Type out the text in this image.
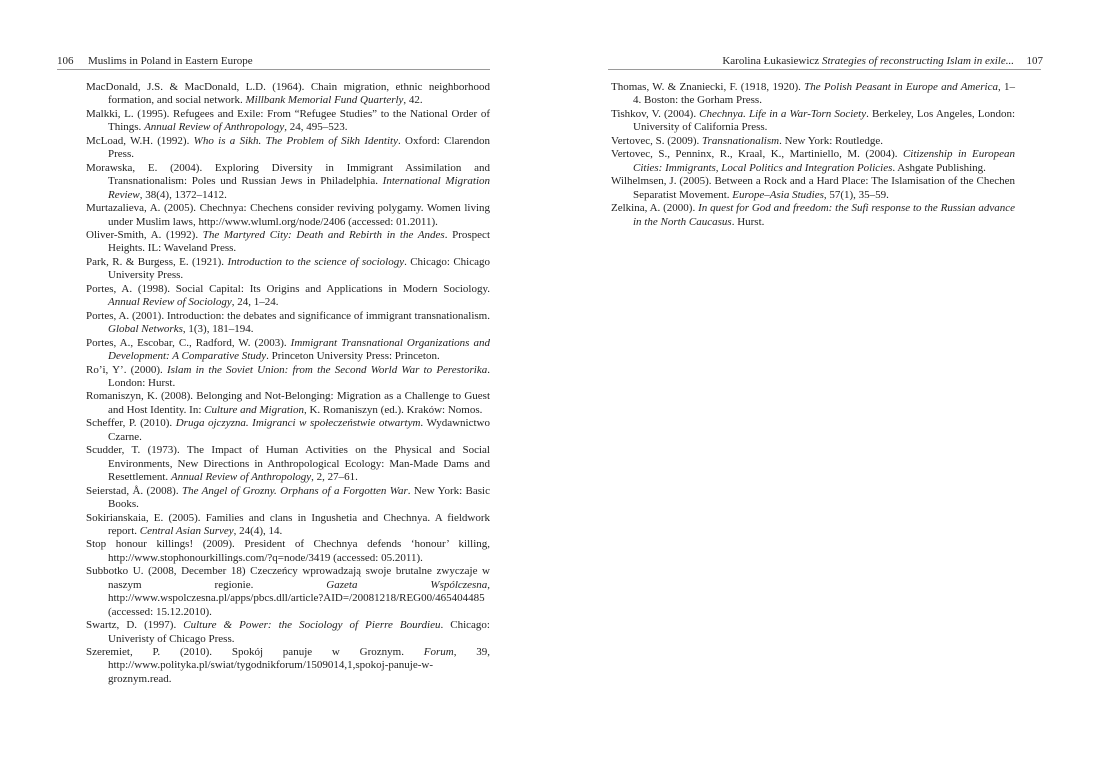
106 Muslims in Poland in Eastern Europe

MacDonald, J.S. & MacDonald, L.D. (1964). Chain migration, ethnic neighborhood formation, and social network. Millbank Memorial Fund Quarterly, 42.

Malkki, L. (1995). Refugees and Exile: From “Refugee Studies” to the National Order of Things. Annual Review of Anthropology, 24, 495–523.

McLoad, W.H. (1992). Who is a Sikh. The Problem of Sikh Identity. Oxford: Clarendon Press.

Morawska, E. (2004). Exploring Diversity in Immigrant Assimilation and Transnationalism: Poles und Russian Jews in Philadelphia. International Migration Review, 38(4), 1372–1412.

Murtazalieva, A. (2005). Chechnya: Chechens consider reviving polygamy. Women living under Muslim laws, http://www.wluml.org/node/2406 (accessed: 01.2011).

Oliver-Smith, A. (1992). The Martyred City: Death and Rebirth in the Andes. Prospect Heights. IL: Waveland Press.

Park, R. & Burgess, E. (1921). Introduction to the science of sociology. Chicago: Chicago University Press.

Portes, A. (1998). Social Capital: Its Origins and Applications in Modern Sociology. Annual Review of Sociology, 24, 1–24.

Portes, A. (2001). Introduction: the debates and significance of immigrant transnationalism. Global Networks, 1(3), 181–194.

Portes, A., Escobar, C., Radford, W. (2003). Immigrant Transnational Organizations and Development: A Comparative Study. Princeton University Press: Princeton.

Ro’i, Y’. (2000). Islam in the Soviet Union: from the Second World War to Perestorika. London: Hurst.

Romaniszyn, K. (2008). Belonging and Not-Belonging: Migration as a Challenge to Guest and Host Identity. In: Culture and Migration, K. Romaniszyn (ed.). Kraków: Nomos.

Scheffer, P. (2010). Druga ojczyzna. Imigranci w społeczeństwie otwartym. Wydawnictwo Czarne.

Scudder, T. (1973). The Impact of Human Activities on the Physical and Social Environments, New Directions in Anthropological Ecology: Man-Made Dams and Resettlement. Annual Review of Anthropology, 2, 27–61.

Seierstad, Å. (2008). The Angel of Grozny. Orphans of a Forgotten War. New York: Basic Books.

Sokirianskaia, E. (2005). Families and clans in Ingushetia and Chechnya. A fieldwork report. Central Asian Survey, 24(4), 14.

Stop honour killings! (2009). President of Chechnya defends ‘honour’ killing, http://www.stophonourkillings.com/?q=node/3419 (accessed: 05.2011).

Subbotko U. (2008, December 18) Czeczeńcy wprowadzają swoje brutalne zwyczaje w naszym regionie. Gazeta Wspólczesna, http://www.wspolczesna.pl/apps/pbcs.dll/article?AID=/20081218/REG00/465404485 (accessed: 15.12.2010).

Swartz, D. (1997). Culture & Power: the Sociology of Pierre Bourdieu. Chicago: Univeristy of Chicago Press.

Szeremiet, P. (2010). Spokój panuje w Groznym. Forum, 39, http://www.polityka.pl/swiat/tygodnikforum/1509014,1,spokoj-panuje-w-groznym.read.

Karolina Łukasiewicz Strategies of reconstructing Islam in exile... 107

Thomas, W. & Znaniecki, F. (1918, 1920). The Polish Peasant in Europe and America, 1–4. Boston: the Gorham Press.

Tishkov, V. (2004). Chechnya. Life in a War-Torn Society. Berkeley, Los Angeles, London: University of California Press.

Vertovec, S. (2009). Transnationalism. New York: Routledge.

Vertovec, S., Penninx, R., Kraal, K., Martiniello, M. (2004). Citizenship in European Cities: Immigrants, Local Politics and Integration Policies. Ashgate Publishing.

Wilhelmsen, J. (2005). Between a Rock and a Hard Place: The Islamisation of the Chechen Separatist Movement. Europe–Asia Studies, 57(1), 35–59.

Zelkina, A. (2000). In quest for God and freedom: the Sufi response to the Russian advance in the North Caucasus. Hurst.
